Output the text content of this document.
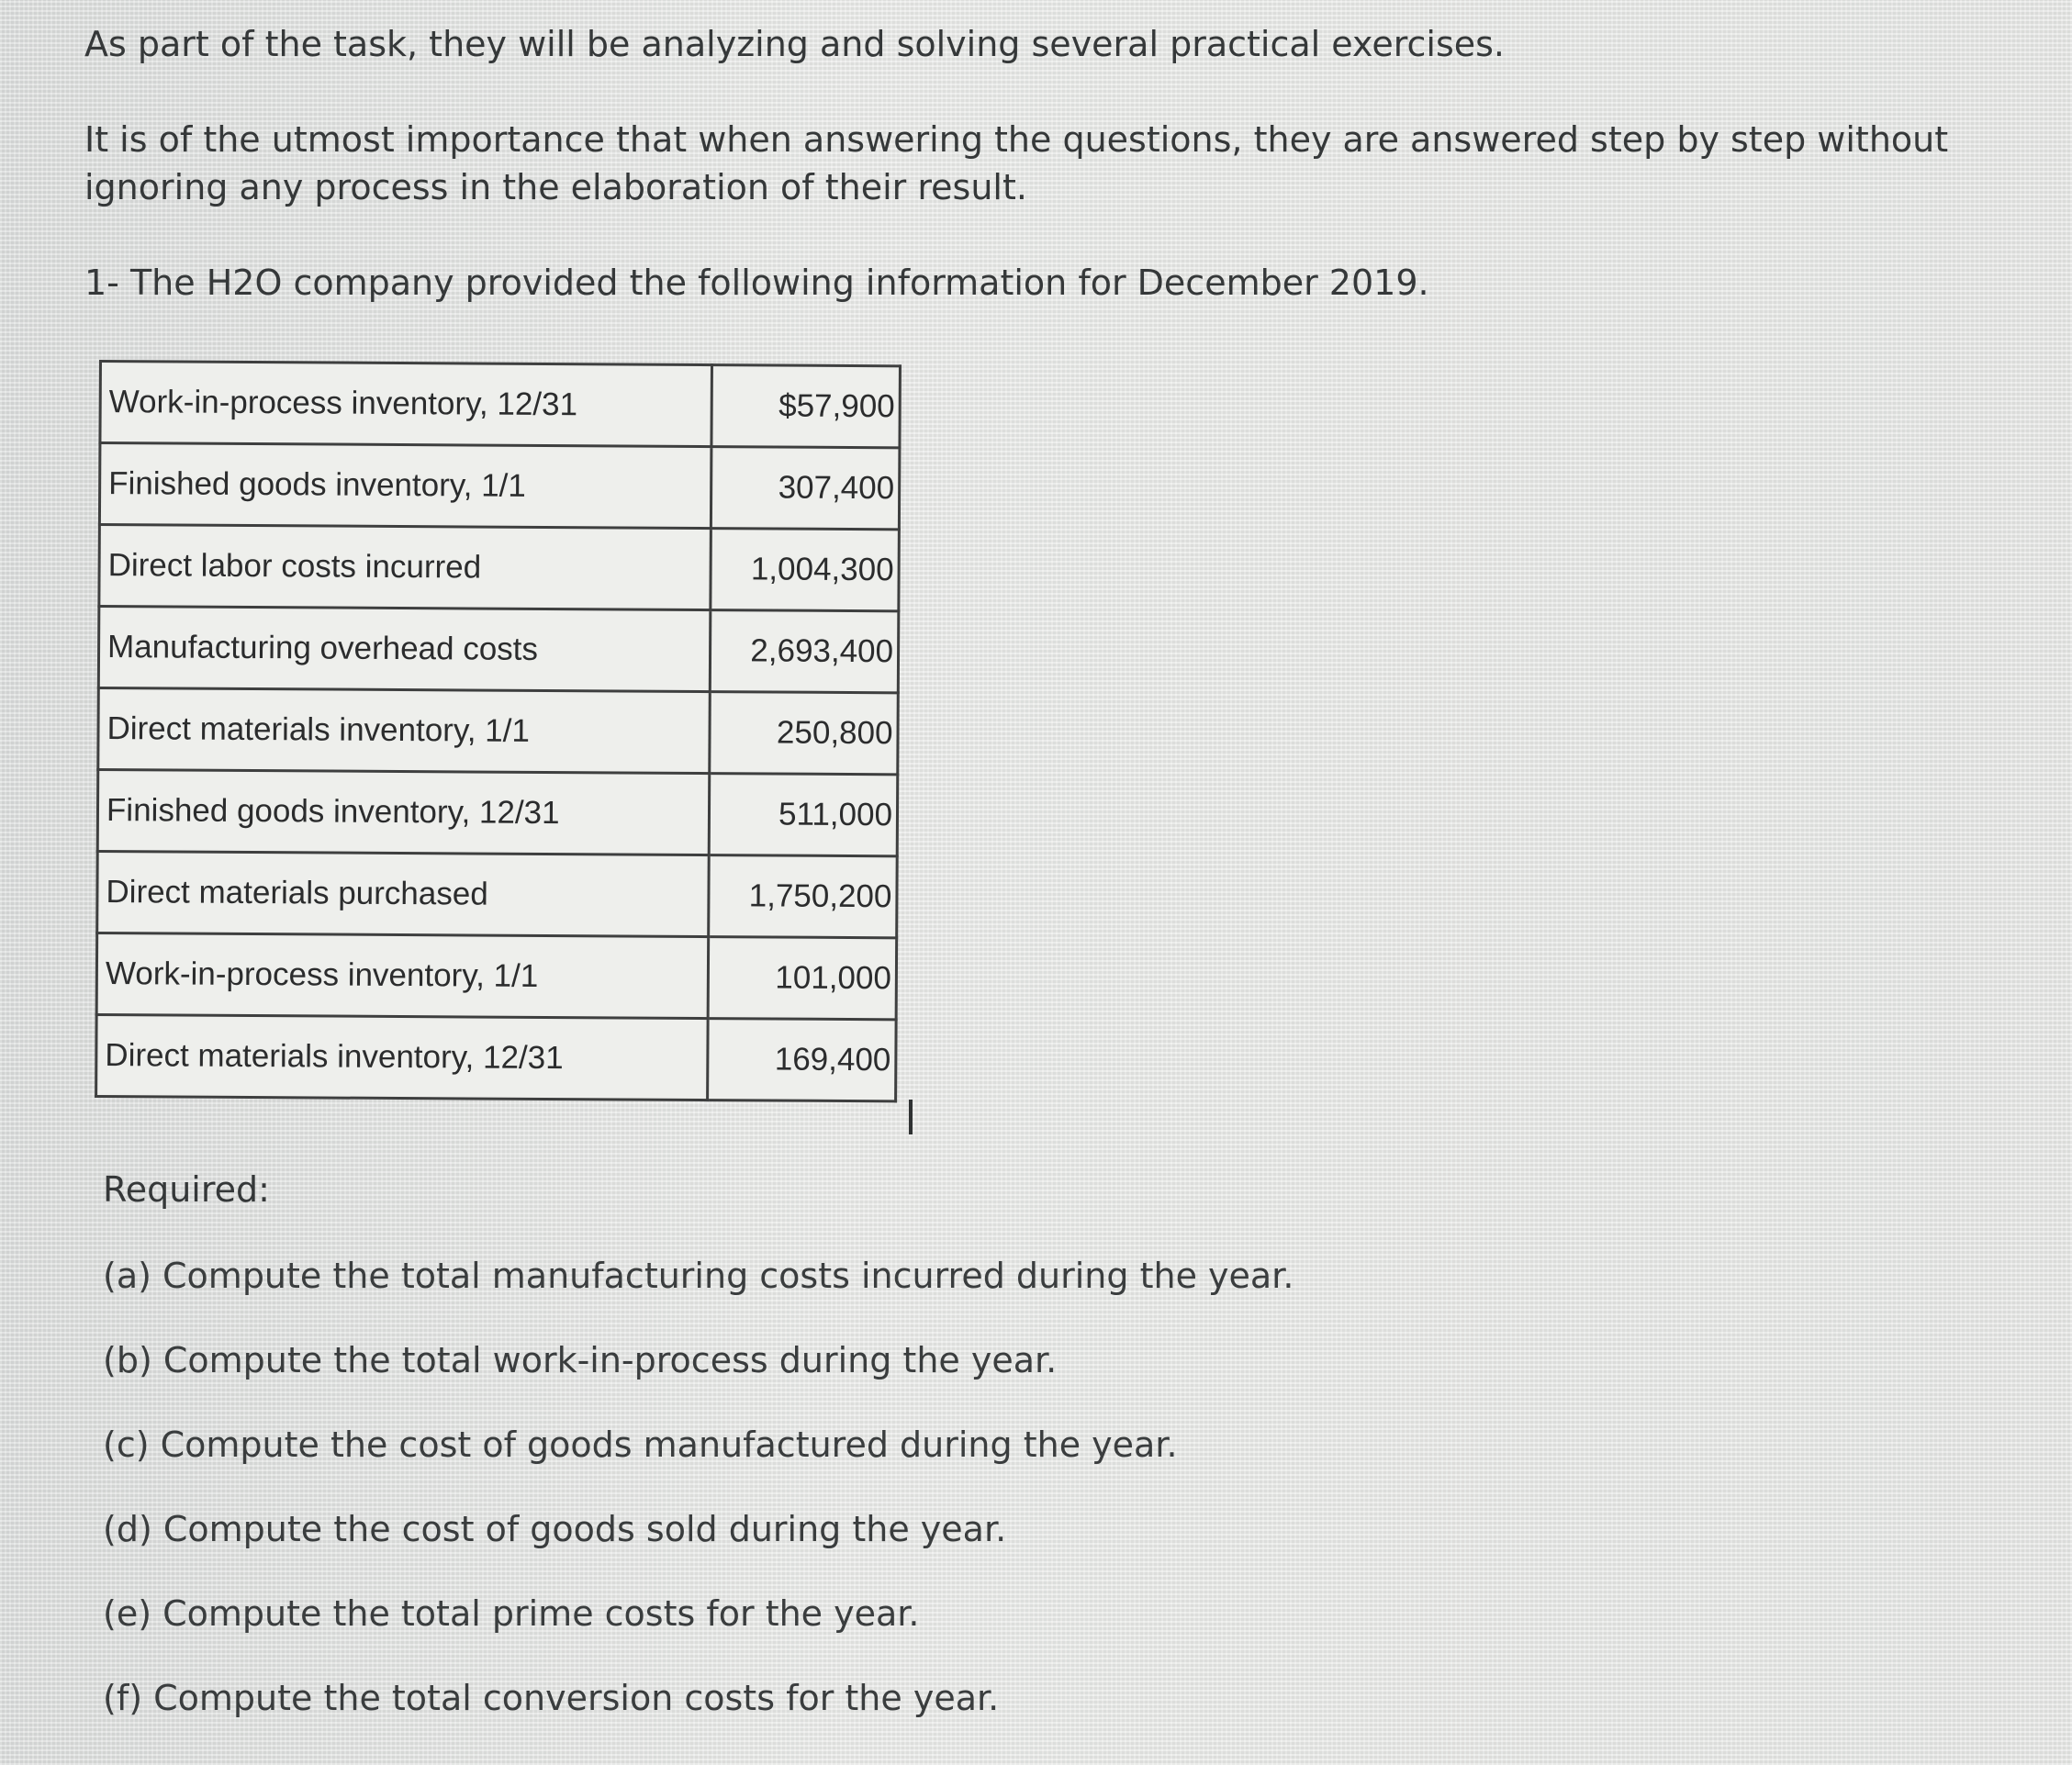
As part of the task, they will be analyzing and solving several practical exercises.

It is of the utmost importance that when answering the questions, they are answered step by step without ignoring any process in the elaboration of their result.

1- The H2O company provided the following information for December 2019.

Work-in-process inventory, 12/31	$57,900
Finished goods inventory, 1/1	307,400
Direct labor costs incurred	1,004,300
Manufacturing overhead costs	2,693,400
Direct materials inventory, 1/1	250,800
Finished goods inventory, 12/31	511,000
Direct materials purchased	1,750,200
Work-in-process inventory, 1/1	101,000
Direct materials inventory, 12/31	169,400

Required:

(a) Compute the total manufacturing costs incurred during the year.
(b) Compute the total work-in-process during the year.
(c) Compute the cost of goods manufactured during the year.
(d) Compute the cost of goods sold during the year.
(e) Compute the total prime costs for the year.
(f) Compute the total conversion costs for the year.
